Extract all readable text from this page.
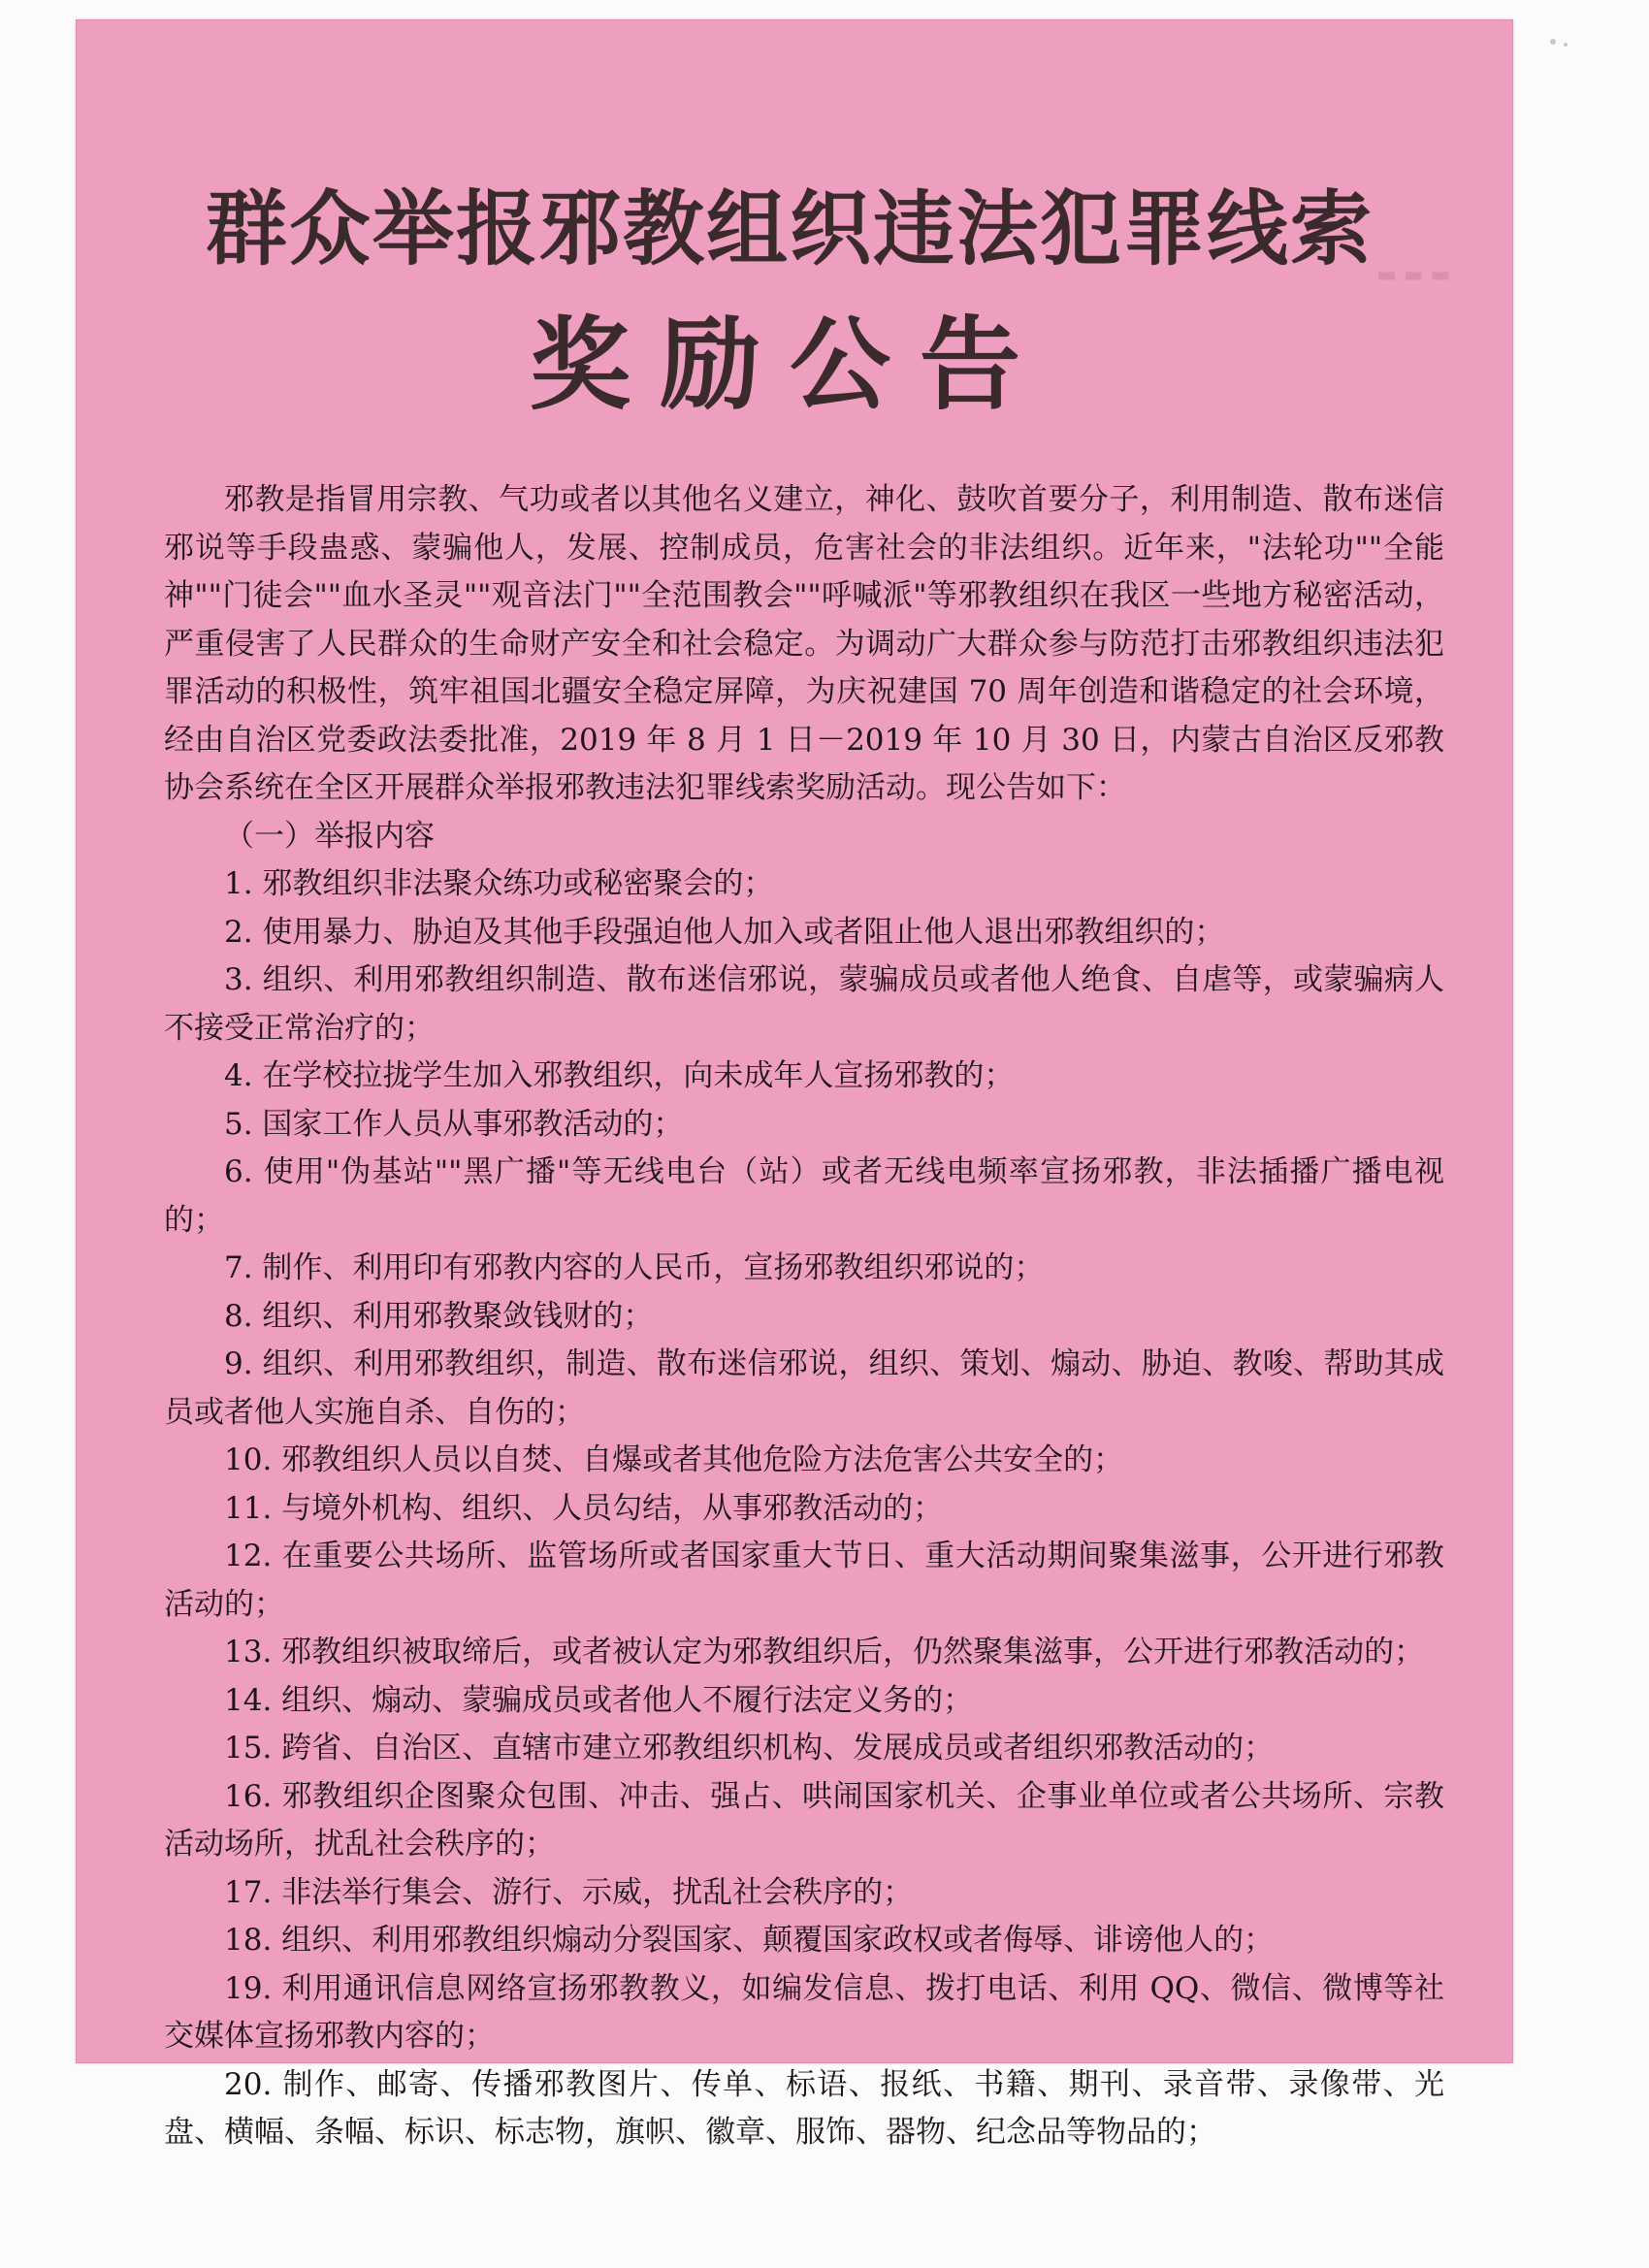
▬ ▬ ▬
群众举报邪教组织违法犯罪线索
奖励公告

邪教是指冒用宗教、气功或者以其他名义建立，神化、鼓吹首要分子，利用制造、散布迷信邪说等手段蛊惑、蒙骗他人，发展、控制成员，危害社会的非法组织。近年来，"法轮功""全能神""门徒会""血水圣灵""观音法门""全范围教会""呼喊派"等邪教组织在我区一些地方秘密活动，严重侵害了人民群众的生命财产安全和社会稳定。为调动广大群众参与防范打击邪教组织违法犯罪活动的积极性，筑牢祖国北疆安全稳定屏障，为庆祝建国 70 周年创造和谐稳定的社会环境，经由自治区党委政法委批准，2019 年 8 月 1 日－2019 年 10 月 30 日，内蒙古自治区反邪教协会系统在全区开展群众举报邪教违法犯罪线索奖励活动。现公告如下：

（一）举报内容

1. 邪教组织非法聚众练功或秘密聚会的；

2. 使用暴力、胁迫及其他手段强迫他人加入或者阻止他人退出邪教组织的；

3. 组织、利用邪教组织制造、散布迷信邪说，蒙骗成员或者他人绝食、自虐等，或蒙骗病人不接受正常治疗的；

4. 在学校拉拢学生加入邪教组织，向未成年人宣扬邪教的；

5. 国家工作人员从事邪教活动的；

6. 使用"伪基站""黑广播"等无线电台（站）或者无线电频率宣扬邪教，非法插播广播电视的；

7. 制作、利用印有邪教内容的人民币，宣扬邪教组织邪说的；

8. 组织、利用邪教聚敛钱财的；

9. 组织、利用邪教组织，制造、散布迷信邪说，组织、策划、煽动、胁迫、教唆、帮助其成员或者他人实施自杀、自伤的；

10. 邪教组织人员以自焚、自爆或者其他危险方法危害公共安全的；

11. 与境外机构、组织、人员勾结，从事邪教活动的；

12. 在重要公共场所、监管场所或者国家重大节日、重大活动期间聚集滋事，公开进行邪教活动的；

13. 邪教组织被取缔后，或者被认定为邪教组织后，仍然聚集滋事，公开进行邪教活动的；

14. 组织、煽动、蒙骗成员或者他人不履行法定义务的；

15. 跨省、自治区、直辖市建立邪教组织机构、发展成员或者组织邪教活动的；

16. 邪教组织企图聚众包围、冲击、强占、哄闹国家机关、企事业单位或者公共场所、宗教活动场所，扰乱社会秩序的；

17. 非法举行集会、游行、示威，扰乱社会秩序的；

18. 组织、利用邪教组织煽动分裂国家、颠覆国家政权或者侮辱、诽谤他人的；

19. 利用通讯信息网络宣扬邪教教义，如编发信息、拨打电话、利用 QQ、微信、微博等社交媒体宣扬邪教内容的；

20. 制作、邮寄、传播邪教图片、传单、标语、报纸、书籍、期刊、录音带、录像带、光盘、横幅、条幅、标识、标志物，旗帜、徽章、服饰、器物、纪念品等物品的；
